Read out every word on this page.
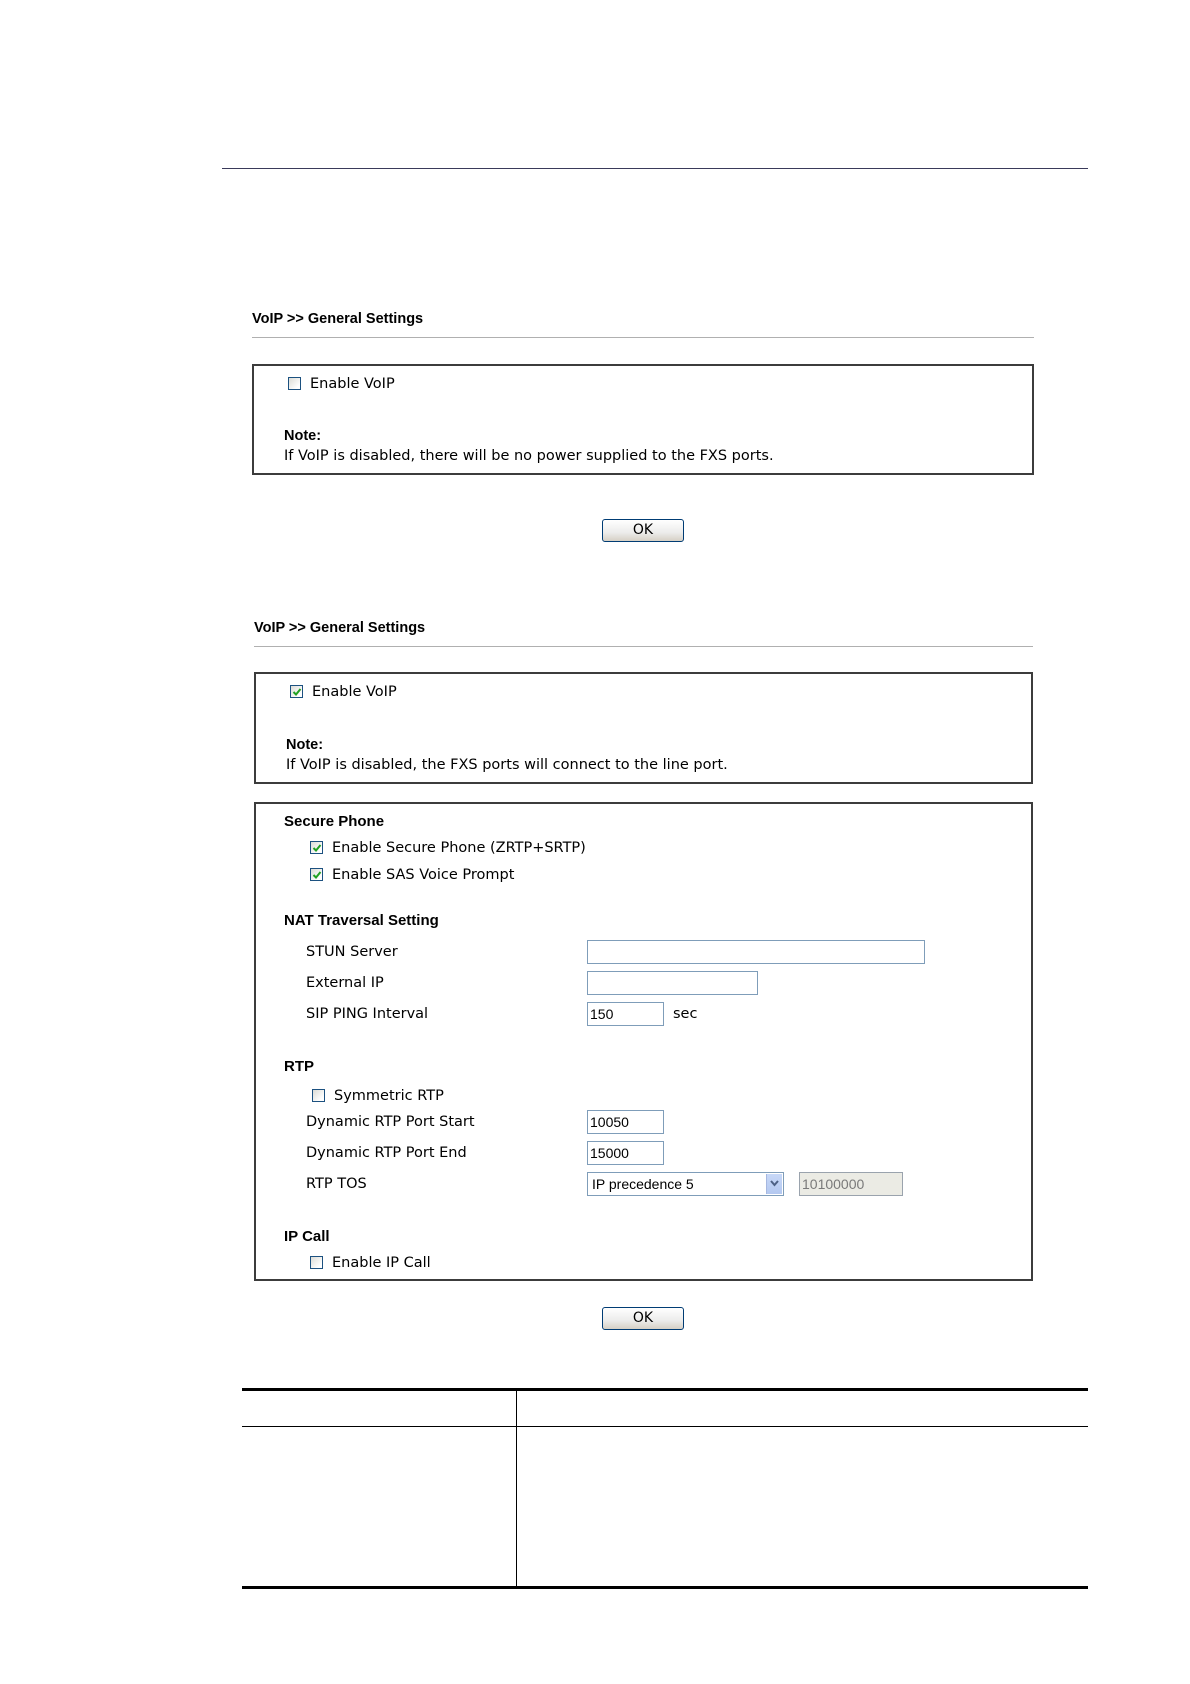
VoIP >> General Settings
Enable VoIP
Note:
If VoIP is disabled, there will be no power supplied to the FXS ports.
OK
VoIP >> General Settings
Enable VoIP
Note:
If VoIP is disabled, the FXS ports will connect to the line port.
Secure Phone
Enable Secure Phone (ZRTP+SRTP)
Enable SAS Voice Prompt
NAT Traversal Setting
STUN Server
External IP
SIP PING Interval	150	sec
RTP
Symmetric RTP
Dynamic RTP Port Start	10050
Dynamic RTP Port End	15000
RTP TOS	IP precedence 5	10100000
IP Call
Enable IP Call
OK
